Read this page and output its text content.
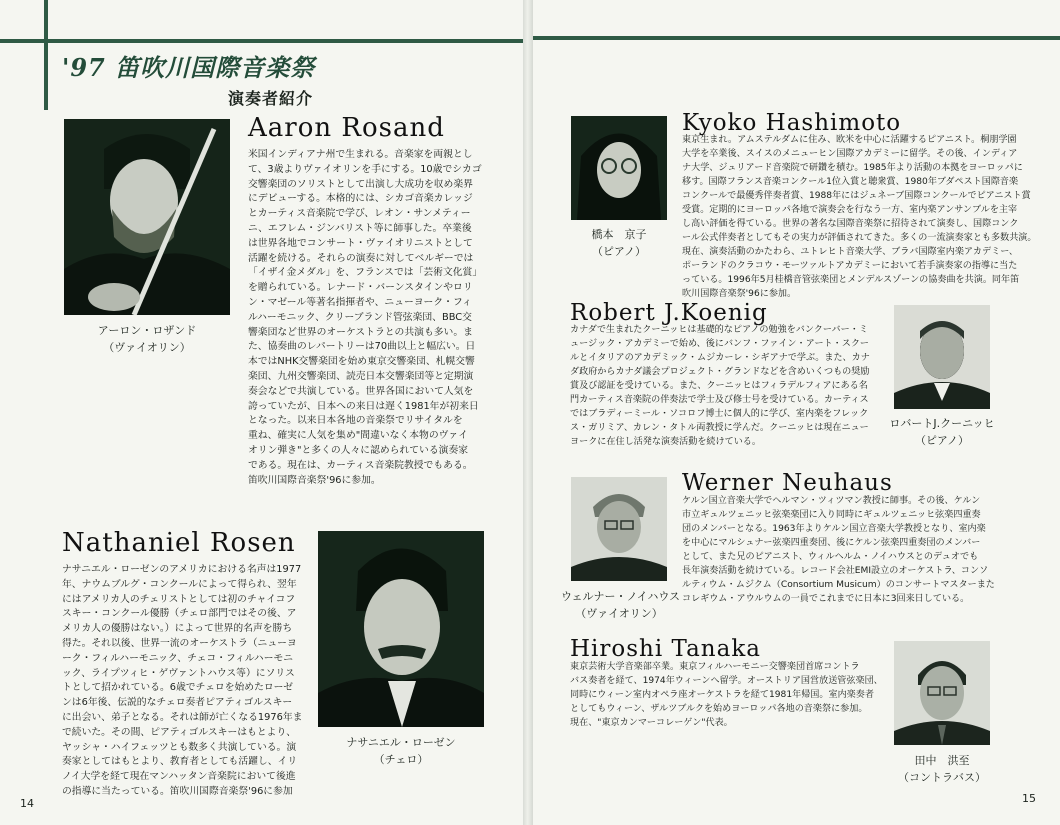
'97 笛吹川国際音楽祭
演奏者紹介
Aaron Rosand
米国インディアナ州で生まれる。音楽家を両親とし
て、3歳よりヴァイオリンを手にする。10歳でシカゴ
交響楽団のソリストとして出演し大成功を収め楽界
にデビューする。本格的には、シカゴ音楽カレッジ
とカーティス音楽院で学び、レオン・サンメティー
ニ、エフレム・ジンバリスト等に師事した。卒業後
は世界各地でコンサート・ヴァイオリニストとして
活躍を続ける。それらの演奏に対してベルギーでは
「イザイ金メダル」を、フランスでは「芸術文化賞」
を贈られている。レナード・バーンスタインやロリ
ン・マゼール等著名指揮者や、ニューヨーク・フィ
ルハーモニック、クリーブランド管弦楽団、BBC交
響楽団など世界のオーケストラとの共演も多い。ま
た、協奏曲のレパートリーは70曲以上と幅広い。日
本ではNHK交響楽団を始め東京交響楽団、札幌交響
楽団、九州交響楽団、読売日本交響楽団等と定期演
奏会などで共演している。世界各国において人気を
誇っていたが、日本への来日は遅く1981年が初来日
となった。以来日本各地の音楽祭でリサイタルを
重ね、確実に人気を集め"間違いなく本物のヴァイ
オリン弾き"と多くの人々に認められている演奏家
である。現在は、カーティス音楽院教授でもある。
笛吹川国際音楽祭'96に参加。
アーロン・ロザンド
（ヴァイオリン）
Nathaniel Rosen
ナサニエル・ローゼンのアメリカにおける名声は1977
年、ナウムブルグ・コンクールによって得られ、翌年
にはアメリカ人のチェリストとしては初のチャイコフ
スキー・コンクール優勝（チェロ部門ではその後、ア
メリカ人の優勝はない。）によって世界的名声を勝ち
得た。それ以後、世界一流のオーケストラ（ニューヨ
ーク・フィルハーモニック、チェコ・フィルハーモニ
ック、ライプツィヒ・ゲヴァントハウス等）にソリス
トとして招かれている。6歳でチェロを始めたローゼ
ンは6年後、伝説的なチェロ奏者ピアティゴルスキー
に出会い、弟子となる。それは師が亡くなる1976年ま
で続いた。その間、ピアティゴルスキーはもとより、
ヤッシャ・ハイフェッツとも数多く共演している。演
奏家としてはもとより、教育者としても活躍し、イリ
ノイ大学を経て現在マンハッタン音楽院において後進
の指導に当たっている。笛吹川国際音楽祭'96に参加
ナサニエル・ローゼン
（チェロ）
14
橋本　京子
（ピアノ）
Kyoko Hashimoto
東京生まれ。アムステルダムに住み、欧米を中心に活躍するピアニスト。桐朋学園
大学を卒業後、スイスのメニューヒン国際アカデミーに留学。その後、インディア
ナ大学、ジュリアード音楽院で研鑽を積む。1985年より活動の本拠をヨーロッパに
移す。国際フランス音楽コンクール1位入賞と聴衆賞、1980年ブダペスト国際音楽
コンクールで最優秀伴奏者賞、1988年にはジュネーブ国際コンクールでピアニスト賞
受賞。定期的にヨーロッパ各地で演奏会を行なう一方、室内楽アンサンブルを主宰
し高い評価を得ている。世界の著名な国際音楽祭に招待されて演奏し、国際コンク
ール公式伴奏者としてもその実力が評価されてきた。多くの一流演奏家とも多数共演。
現在、演奏活動のかたわら、ユトレヒト音楽大学、ブラバ国際室内楽アカデミー、
ポーランドのクラコウ・モーツァルトアカデミーにおいて若手演奏家の指導に当た
っている。1996年5月桂橋音管弦楽団とメンデルスゾーンの協奏曲を共演。同年笛
吹川国際音楽祭'96に参加。
Robert J.Koenig
カナダで生まれたクーニッヒは基礎的なピアノの勉強をバンクーバー・ミ
ュージック・アカデミーで始め、後にバンフ・ファイン・アート・スクー
ルとイタリアのアカデミック・ムジカーレ・シギアナで学ぶ。また、カナ
ダ政府からカナダ議会プロジェクト・グランドなどを含めいくつもの奨励
賞及び認証を受けている。また、クーニッヒはフィラデルフィアにある名
門カーティス音楽院の伴奏法で学士及び修士号を受けている。カーティス
ではブラディーミール・ソコロフ博士に個人的に学び、室内楽をフレック
ス・ガリミア、カレン・タトル両教授に学んだ。クーニッヒは現在ニュー
ヨークに在住し活発な演奏活動を続けている。
ロバートJ.クーニッヒ
（ピアノ）
ウェルナー・ノイハウス
（ヴァイオリン）
Werner Neuhaus
ケルン国立音楽大学でヘルマン・ツィツマン教授に師事。その後、ケルン
市立ギュルツェニッヒ弦楽楽団に入り同時にギュルツェニッヒ弦楽四重奏
団のメンバーとなる。1963年よりケルン国立音楽大学教授となり、室内楽
を中心にマルシュナー弦楽四重奏団、後にケルン弦楽四重奏団のメンバー
として、また兄のピアニスト、ウィルヘルム・ノイハウスとのデュオでも
長年演奏活動を続けている。レコード会社EMI設立のオーケストラ、コンソ
ルティウム・ムジクム（Consortium Musicum）のコンサートマスターまた
コレギウム・アウルウムの一員でこれまでに日本に3回来日している。
Hiroshi Tanaka
東京芸術大学音楽部卒業。東京フィルハーモニー交響楽団首席コントラ
バス奏者を経て、1974年ウィーンへ留学。オーストリア国営放送管弦楽団、
同時にウィーン室内オペラ座オーケストラを経て1981年帰国。室内楽奏者
としてもウィーン、ザルツブルクを始めヨーロッパ各地の音楽祭に参加。
現在、"東京カンマーコレーゲン"代表。
田中　洪至
（コントラバス）
15
